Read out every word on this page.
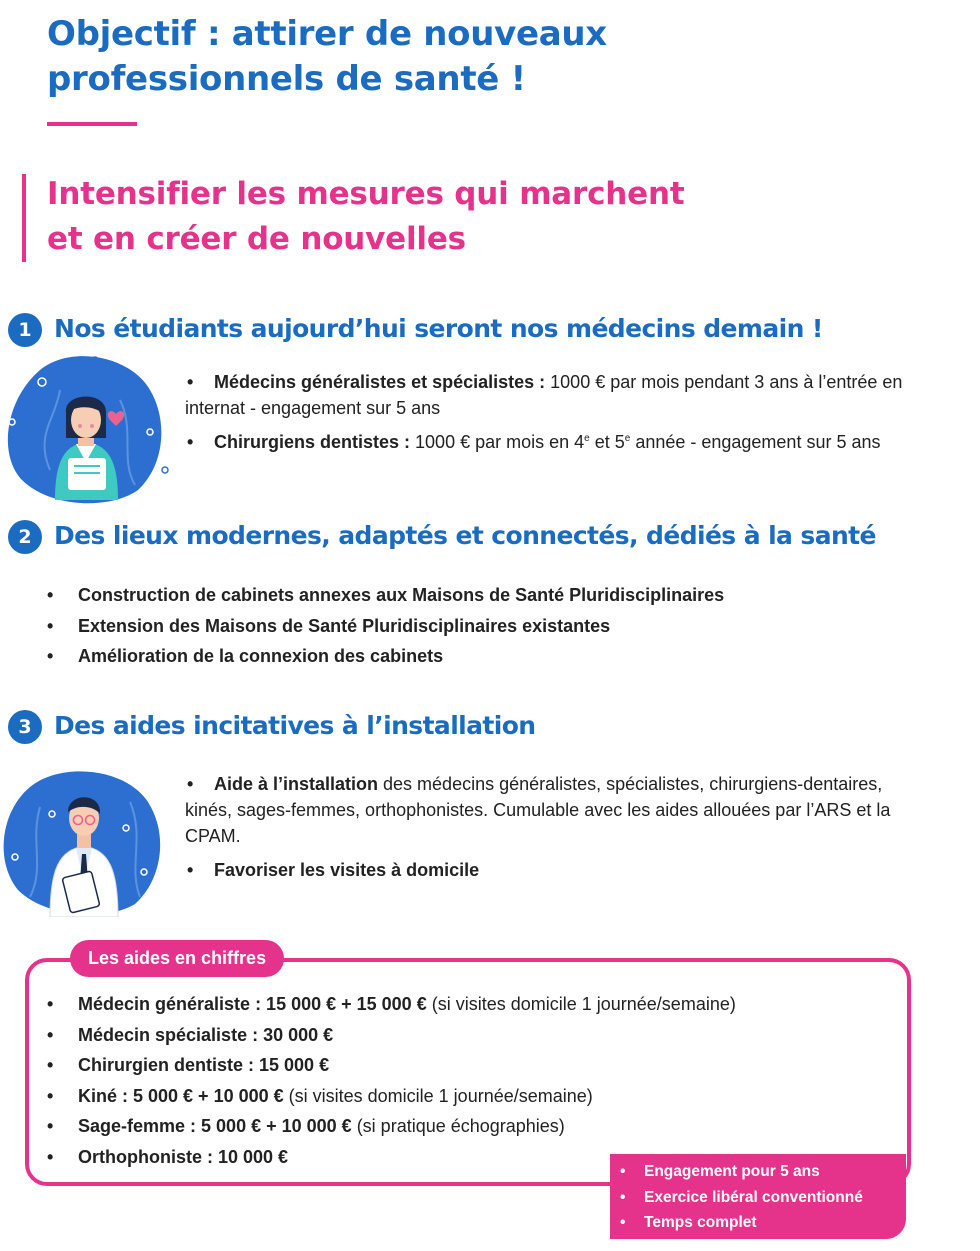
Objectif : attirer de nouveaux
professionnels de santé !
Intensifier les mesures qui marchent
et en créer de nouvelles
1 Nos étudiants aujourd’hui seront nos médecins demain !

• Médecins généralistes et spécialistes : 1000 € par mois pendant 3 ans à l’entrée en internat - engagement sur 5 ans

• Chirurgiens dentistes : 1000 € par mois en 4e et 5e année - engagement sur 5 ans

2 Des lieux modernes, adaptés et connectés, dédiés à la santé
• Construction de cabinets annexes aux Maisons de Santé Pluridisciplinaires
• Extension des Maisons de Santé Pluridisciplinaires existantes
• Amélioration de la connexion des cabinets
3 Des aides incitatives à l’installation

• Aide à l’installation des médecins généralistes, spécialistes, chirurgiens-dentaires, kinés, sages-femmes, orthophonistes. Cumulable avec les aides allouées par l’ARS et la CPAM.

• Favoriser les visites à domicile

Les aides en chiffres
• Médecin généraliste : 15 000 € + 15 000 € (si visites domicile 1 journée/semaine)
• Médecin spécialiste : 30 000 €
• Chirurgien dentiste : 15 000 €
• Kiné : 5 000 € + 10 000 € (si visites domicile 1 journée/semaine)
• Sage-femme : 5 000 € + 10 000 € (si pratique échographies)
• Orthophoniste : 10 000 €
• Engagement pour 5 ans
• Exercice libéral conventionné
• Temps complet
